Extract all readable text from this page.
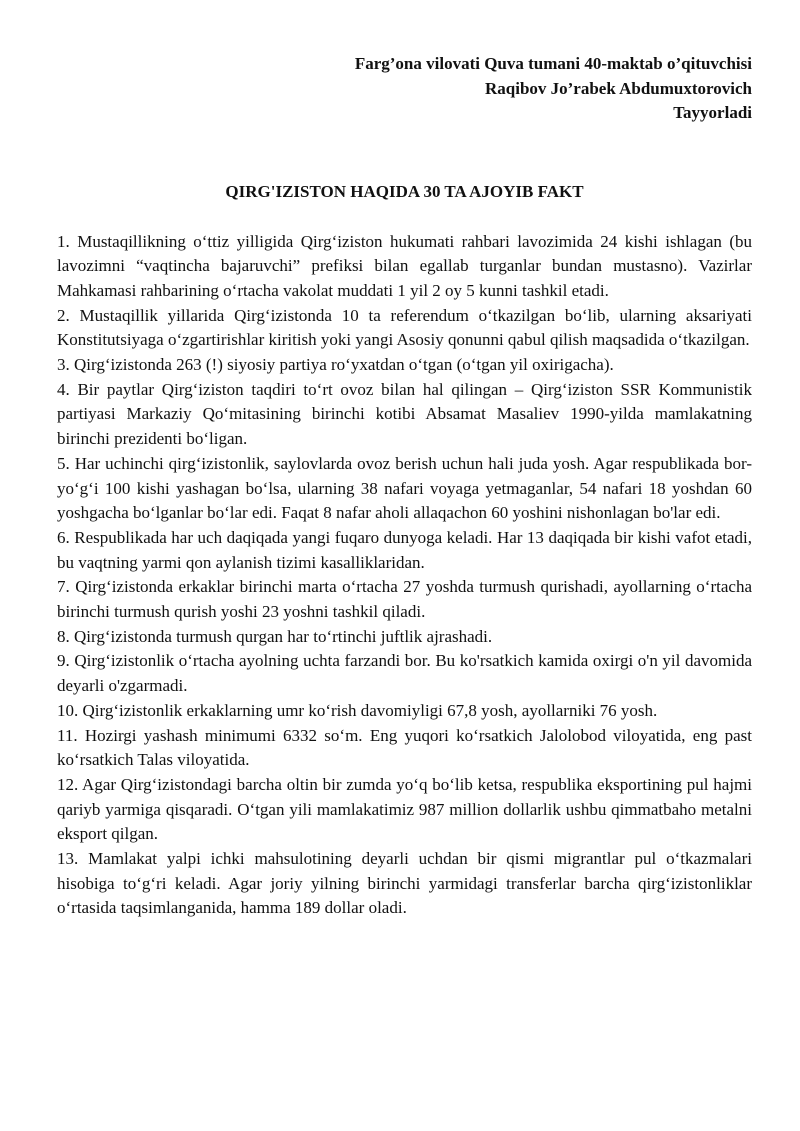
Farg’ona vilovati Quva tumani 40-maktab o’qituvchisi
Raqibov Jo’rabek Abdumuxtorovich
Tayyorladi
QIRG'IZISTON HAQIDA 30 TA AJOYIB FAKT

1. Mustaqillikning o‘ttiz yilligida Qirg‘iziston hukumati rahbari lavozimida 24 kishi ishlagan (bu lavozimni “vaqtincha bajaruvchi” prefiksi bilan egallab turganlar bundan mustasno). Vazirlar Mahkamasi rahbarining o‘rtacha vakolat muddati 1 yil 2 oy 5 kunni tashkil etadi.

2. Mustaqillik yillarida Qirg‘izistonda 10 ta referendum o‘tkazilgan bo‘lib, ularning aksariyati Konstitutsiyaga o‘zgartirishlar kiritish yoki yangi Asosiy qonunni qabul qilish maqsadida o‘tkazilgan.

3. Qirg‘izistonda 263 (!) siyosiy partiya ro‘yxatdan o‘tgan (o‘tgan yil oxirigacha).

4. Bir paytlar Qirg‘iziston taqdiri to‘rt ovoz bilan hal qilingan – Qirg‘iziston SSR Kommunistik partiyasi Markaziy Qo‘mitasining birinchi kotibi Absamat Masaliev 1990-yilda mamlakatning birinchi prezidenti bo‘ligan.

5. Har uchinchi qirg‘izistonlik, saylovlarda ovoz berish uchun hali juda yosh. Agar respublikada bor-yo‘g‘i 100 kishi yashagan bo‘lsa, ularning 38 nafari voyaga yetmaganlar, 54 nafari 18 yoshdan 60 yoshgacha bo‘lganlar bo‘lar edi. Faqat 8 nafar aholi allaqachon 60 yoshini nishonlagan bo'lar edi.

6. Respublikada har uch daqiqada yangi fuqaro dunyoga keladi. Har 13 daqiqada bir kishi vafot etadi, bu vaqtning yarmi qon aylanish tizimi kasalliklaridan.

7. Qirg‘izistonda erkaklar birinchi marta o‘rtacha 27 yoshda turmush qurishadi, ayollarning o‘rtacha birinchi turmush qurish yoshi 23 yoshni tashkil qiladi.

8. Qirg‘izistonda turmush qurgan har to‘rtinchi juftlik ajrashadi.

9. Qirg‘izistonlik o‘rtacha ayolning uchta farzandi bor. Bu ko'rsatkich kamida oxirgi o'n yil davomida deyarli o'zgarmadi.

10. Qirg‘izistonlik erkaklarning umr ko‘rish davomiyligi 67,8 yosh, ayollarniki 76 yosh.

11. Hozirgi yashash minimumi 6332 so‘m. Eng yuqori ko‘rsatkich Jalolobod viloyatida, eng past ko‘rsatkich Talas viloyatida.

12. Agar Qirg‘izistondagi barcha oltin bir zumda yo‘q bo‘lib ketsa, respublika eksportining pul hajmi qariyb yarmiga qisqaradi. O‘tgan yili mamlakatimiz 987 million dollarlik ushbu qimmatbaho metalni eksport qilgan.

13. Mamlakat yalpi ichki mahsulotining deyarli uchdan bir qismi migrantlar pul o‘tkazmalari hisobiga to‘g‘ri keladi. Agar joriy yilning birinchi yarmidagi transferlar barcha qirg‘izistonliklar o‘rtasida taqsimlanganida, hamma 189 dollar oladi.
